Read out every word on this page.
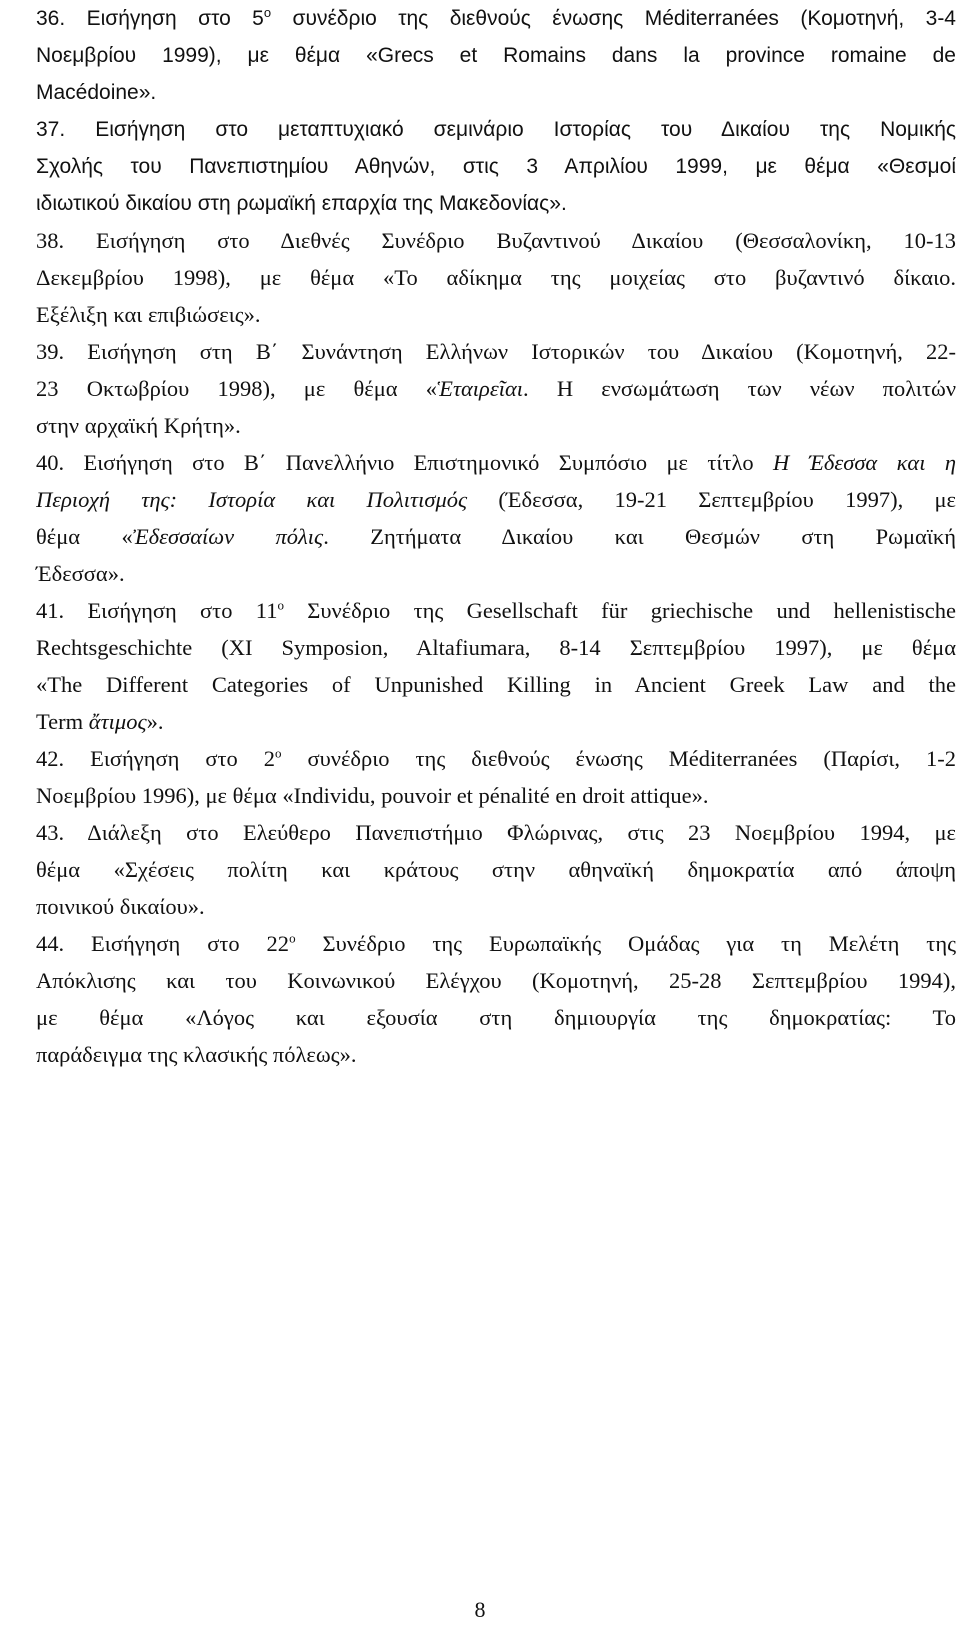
36. Εισήγηση στο $5^o$ συνέδριο της διεθνούς ένωσης Méditerranées (Κομοτηνή, 3-4
Νοεμβρίου 1999), με θέμα «Grecs et Romains dans la province romaine de
Macédoine».
37. Εισήγηση στο μεταπτυχιακό σεμινάριο Ιστορίας του Δικαίου της Νομικής
Σχολής του Πανεπιστημίου Αθηνών, στις 3 Απριλίου 1999, με θέμα «Θεσμοί
ιδιωτικού δικαίου στη ρωμαϊκή επαρχία της Μακεδονίας».
38. Εισήγηση στο Διεθνές Συνέδριο Βυζαντινού Δικαίου (Θεσσαλονίκη, 10-13
Δεκεμβρίου 1998), με θέμα «Το αδίκημα της μοιχείας στο βυζαντινό δίκαιο.
Εξέλιξη και επιβιώσεις».
39. Εισήγηση στη Β΄ Συνάντηση Ελλήνων Ιστορικών του Δικαίου (Κομοτηνή, 22-
23 Οκτωβρίου 1998), με θέμα «Ἑταιρεῖαι. Η ενσωμάτωση των νέων πολιτών
στην αρχαϊκή Κρήτη».
40. Εισήγηση στο Β΄ Πανελλήνιο Επιστημονικό Συμπόσιο με τίτλο Η Έδεσσα και η
Περιοχή της: Ιστορία και Πολιτισμός (Έδεσσα, 19-21 Σεπτεμβρίου 1997), με
θέμα «Ἐδεσσαίων πόλις. Ζητήματα Δικαίου και Θεσμών στη Ρωμαϊκή
Έδεσσα».
41. Εισήγηση στο $11^o$ Συνέδριο της Gesellschaft für griechische und hellenistische
Rechtsgeschichte (XI Symposion, Altafiumara, 8-14 Σεπτεμβρίου 1997), με θέμα
«The Different Categories of Unpunished Killing in Ancient Greek Law and the
Term ἄτιμος».
42. Εισήγηση στο $2^o$ συνέδριο της διεθνούς ένωσης Méditerranées (Παρίσι, 1-2
Νοεμβρίου 1996), με θέμα «Individu, pouvoir et pénalité en droit attique».
43. Διάλεξη στο Ελεύθερο Πανεπιστήμιο Φλώρινας, στις 23 Νοεμβρίου 1994, με
θέμα «Σχέσεις πολίτη και κράτους στην αθηναϊκή δημοκρατία από άποψη
ποινικού δικαίου».
44. Εισήγηση στο $22^o$ Συνέδριο της Ευρωπαϊκής Ομάδας για τη Μελέτη της
Απόκλισης και του Κοινωνικού Ελέγχου (Κομοτηνή, 25-28 Σεπτεμβρίου 1994),
με θέμα «Λόγος και εξουσία στη δημιουργία της δημοκρατίας: Το
παράδειγμα της κλασικής πόλεως».
8
